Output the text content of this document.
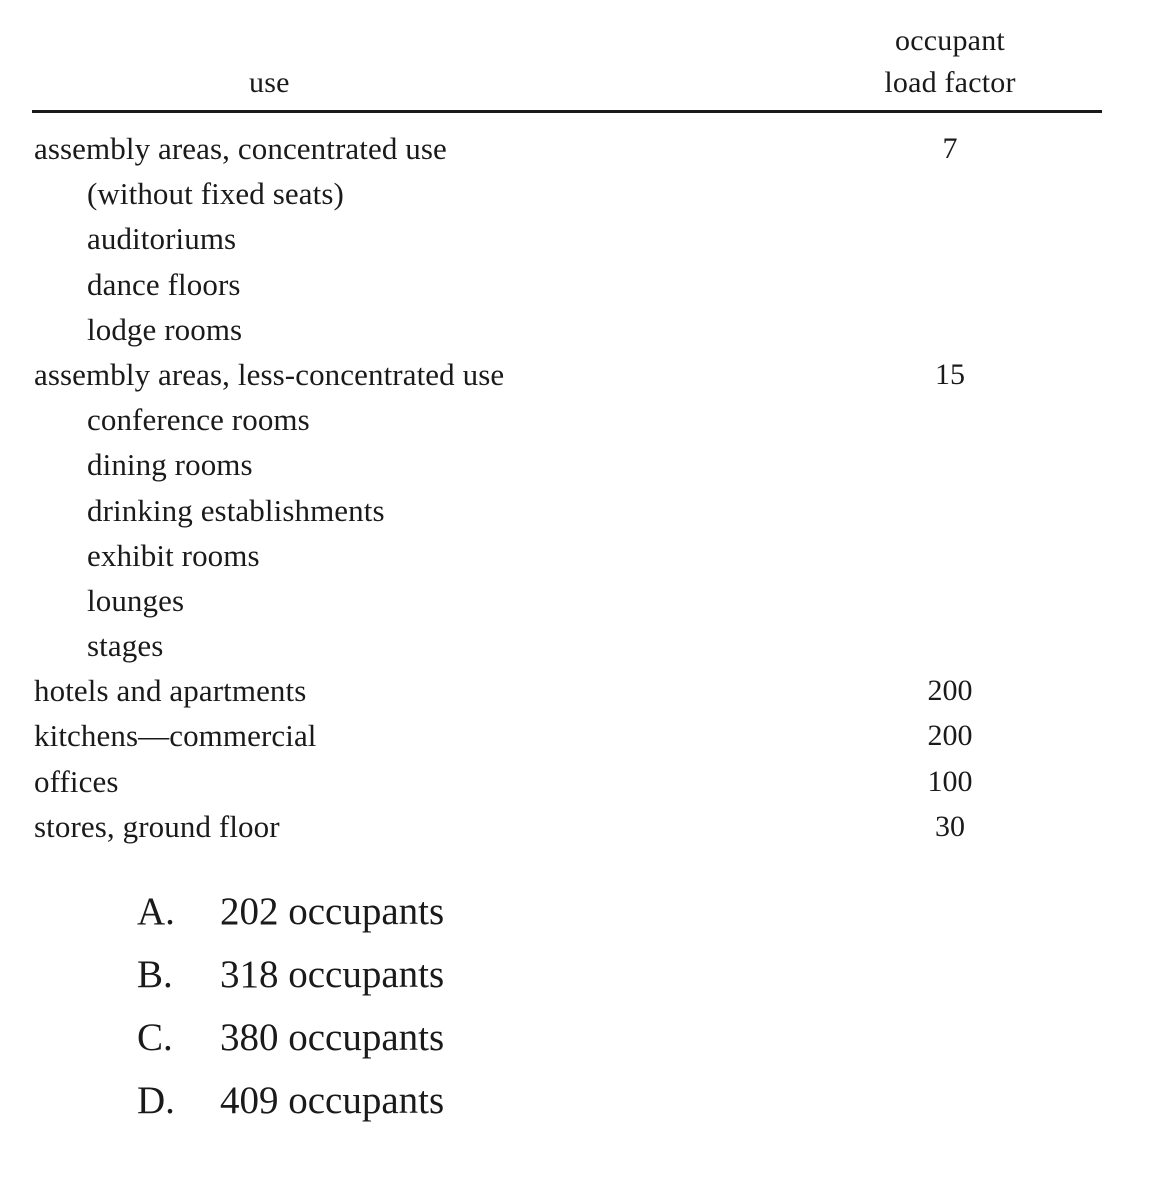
use
occupant
load factor
assembly areas, concentrated use	7
(without fixed seats)
auditoriums
dance floors
lodge rooms
assembly areas, less-concentrated use	15
conference rooms
dining rooms
drinking establishments
exhibit rooms
lounges
stages
hotels and apartments	200
kitchens—commercial	200
offices	100
stores, ground floor	30
A. 202 occupants
B. 318 occupants
C. 380 occupants
D. 409 occupants
